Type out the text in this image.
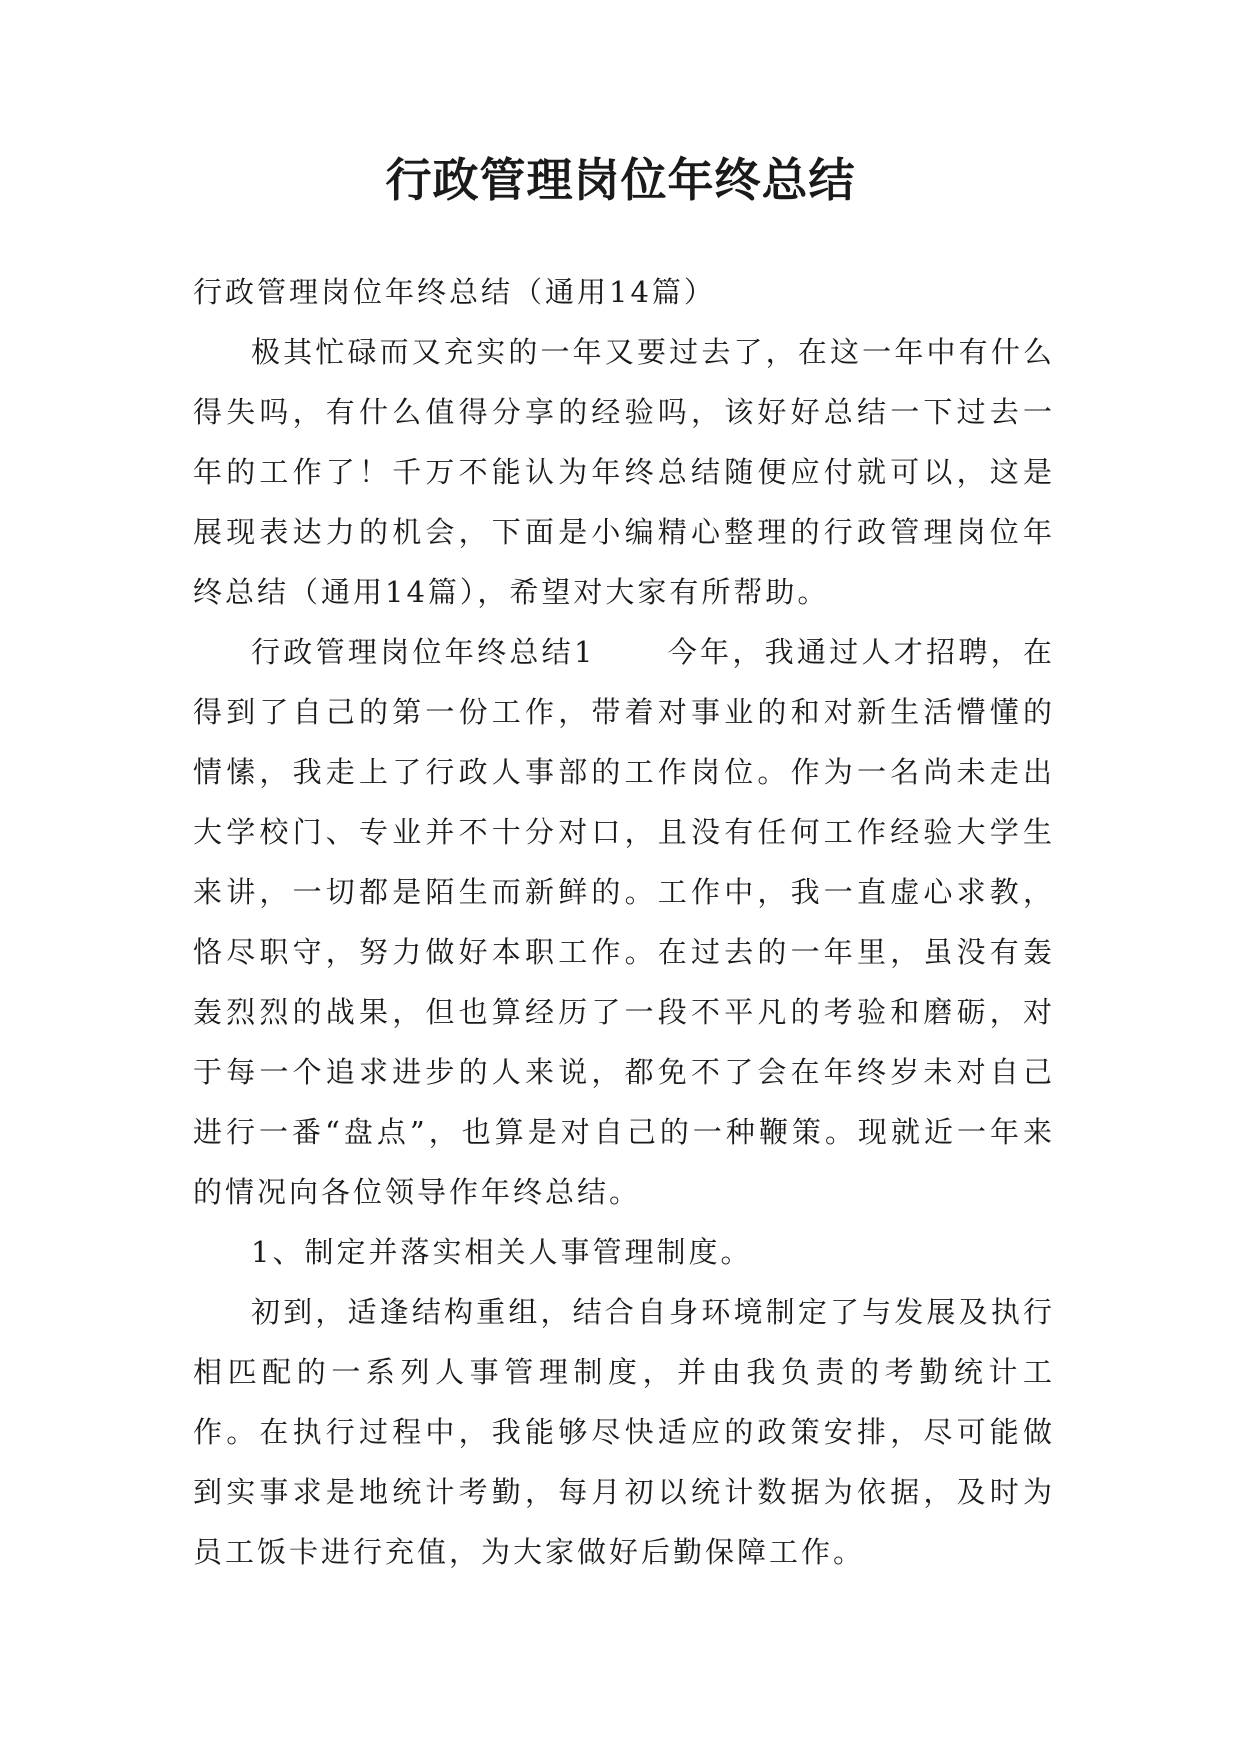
行政管理岗位年终总结

行政管理岗位年终总结（通用14篇）

极其忙碌而又充实的一年又要过去了，在这一年中有什么得失吗，有什么值得分享的经验吗，该好好总结一下过去一年的工作了！千万不能认为年终总结随便应付就可以，这是展现表达力的机会，下面是小编精心整理的行政管理岗位年终总结（通用14篇），希望对大家有所帮助。

行政管理岗位年终总结1 今年，我通过人才招聘，在得到了自己的第一份工作，带着对事业的和对新生活懵懂的情愫，我走上了行政人事部的工作岗位。作为一名尚未走出大学校门、专业并不十分对口，且没有任何工作经验大学生来讲，一切都是陌生而新鲜的。工作中，我一直虚心求教，恪尽职守，努力做好本职工作。在过去的一年里，虽没有轰轰烈烈的战果，但也算经历了一段不平凡的考验和磨砺，对于每一个追求进步的人来说，都免不了会在年终岁未对自己进行一番“盘点”，也算是对自己的一种鞭策。现就近一年来的情况向各位领导作年终总结。

1、制定并落实相关人事管理制度。

初到，适逢结构重组，结合自身环境制定了与发展及执行相匹配的一系列人事管理制度，并由我负责的考勤统计工作。在执行过程中，我能够尽快适应的政策安排，尽可能做到实事求是地统计考勤，每月初以统计数据为依据，及时为员工饭卡进行充值，为大家做好后勤保障工作。
